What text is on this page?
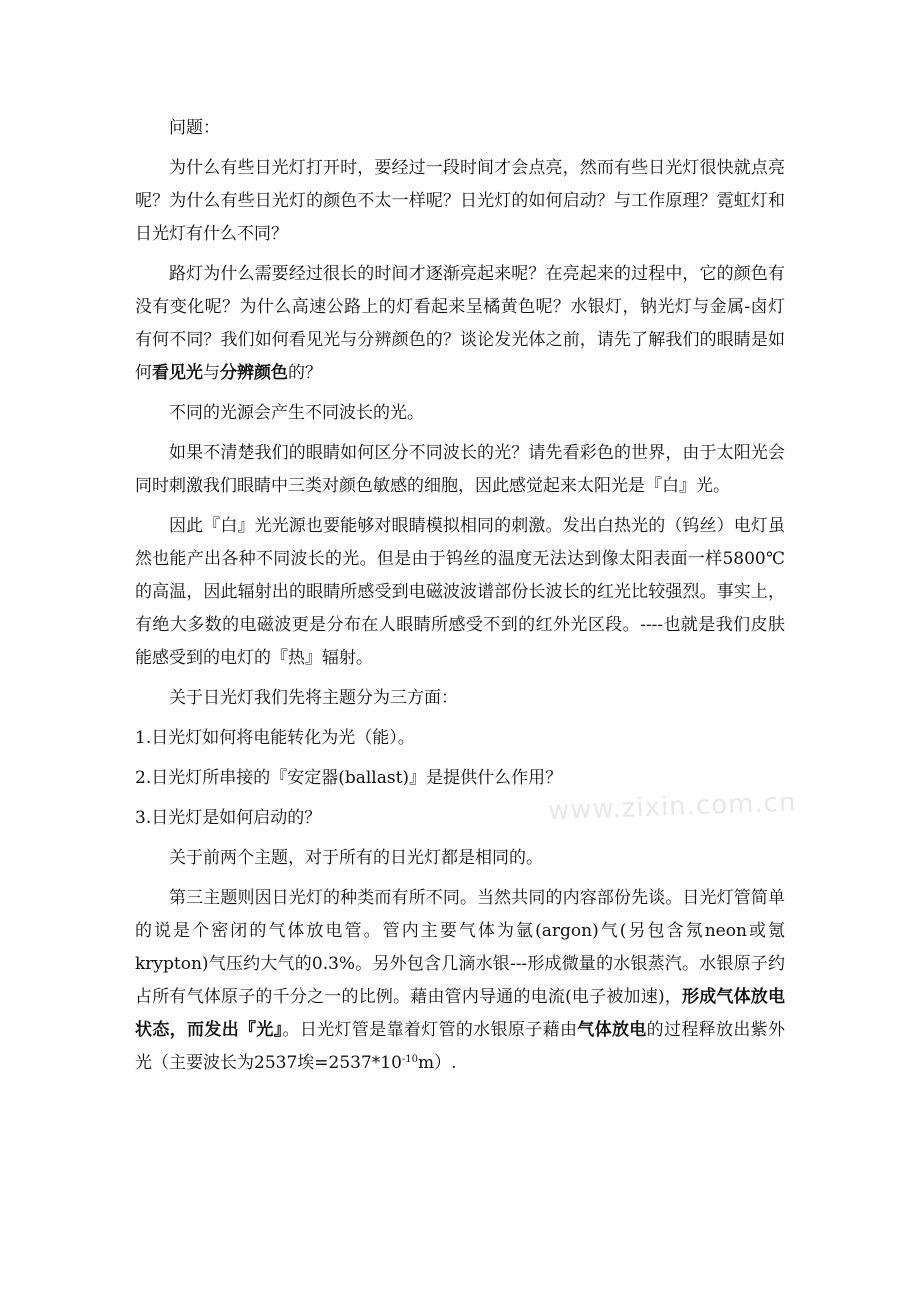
问题：

为什么有些日光灯打开时，要经过一段时间才会点亮，然而有些日光灯很快就点亮呢？为什么有些日光灯的颜色不太一样呢？日光灯的如何启动？与工作原理？霓虹灯和日光灯有什么不同？

路灯为什么需要经过很长的时间才逐渐亮起来呢？在亮起来的过程中，它的颜色有没有变化呢？为什么高速公路上的灯看起来呈橘黄色呢？水银灯，钠光灯与金属-卤灯有何不同？我们如何看见光与分辨颜色的？谈论发光体之前，请先了解我们的眼睛是如何看见光与分辨颜色的？

不同的光源会产生不同波长的光。

如果不清楚我们的眼睛如何区分不同波长的光？请先看彩色的世界，由于太阳光会同时刺激我们眼睛中三类对颜色敏感的细胞，因此感觉起来太阳光是『白』光。

因此『白』光光源也要能够对眼睛模拟相同的刺激。发出白热光的（钨丝）电灯虽然也能产出各种不同波长的光。但是由于钨丝的温度无法达到像太阳表面一样5800℃的高温，因此辐射出的眼睛所感受到电磁波波谱部份长波长的红光比较强烈。事实上，有绝大多数的电磁波更是分布在人眼睛所感受不到的红外光区段。----也就是我们皮肤能感受到的电灯的『热』辐射。

关于日光灯我们先将主题分为三方面：

1.日光灯如何将电能转化为光（能）。

2.日光灯所串接的『安定器(ballast)』是提供什么作用？

3.日光灯是如何启动的？

关于前两个主题，对于所有的日光灯都是相同的。

第三主题则因日光灯的种类而有所不同。当然共同的内容部份先谈。日光灯管简单的说是个密闭的气体放电管。管内主要气体为氩(argon)气(另包含氖neon或氪krypton)气压约大气的0.3%。另外包含几滴水银---形成微量的水银蒸汽。水银原子约占所有气体原子的千分之一的比例。藉由管内导通的电流(电子被加速)，形成气体放电状态，而发出『光』。日光灯管是靠着灯管的水银原子藉由气体放电的过程释放出紫外光（主要波长为2537埃$=2537*10^{-10}m$）.

www.zixin.com.cn
